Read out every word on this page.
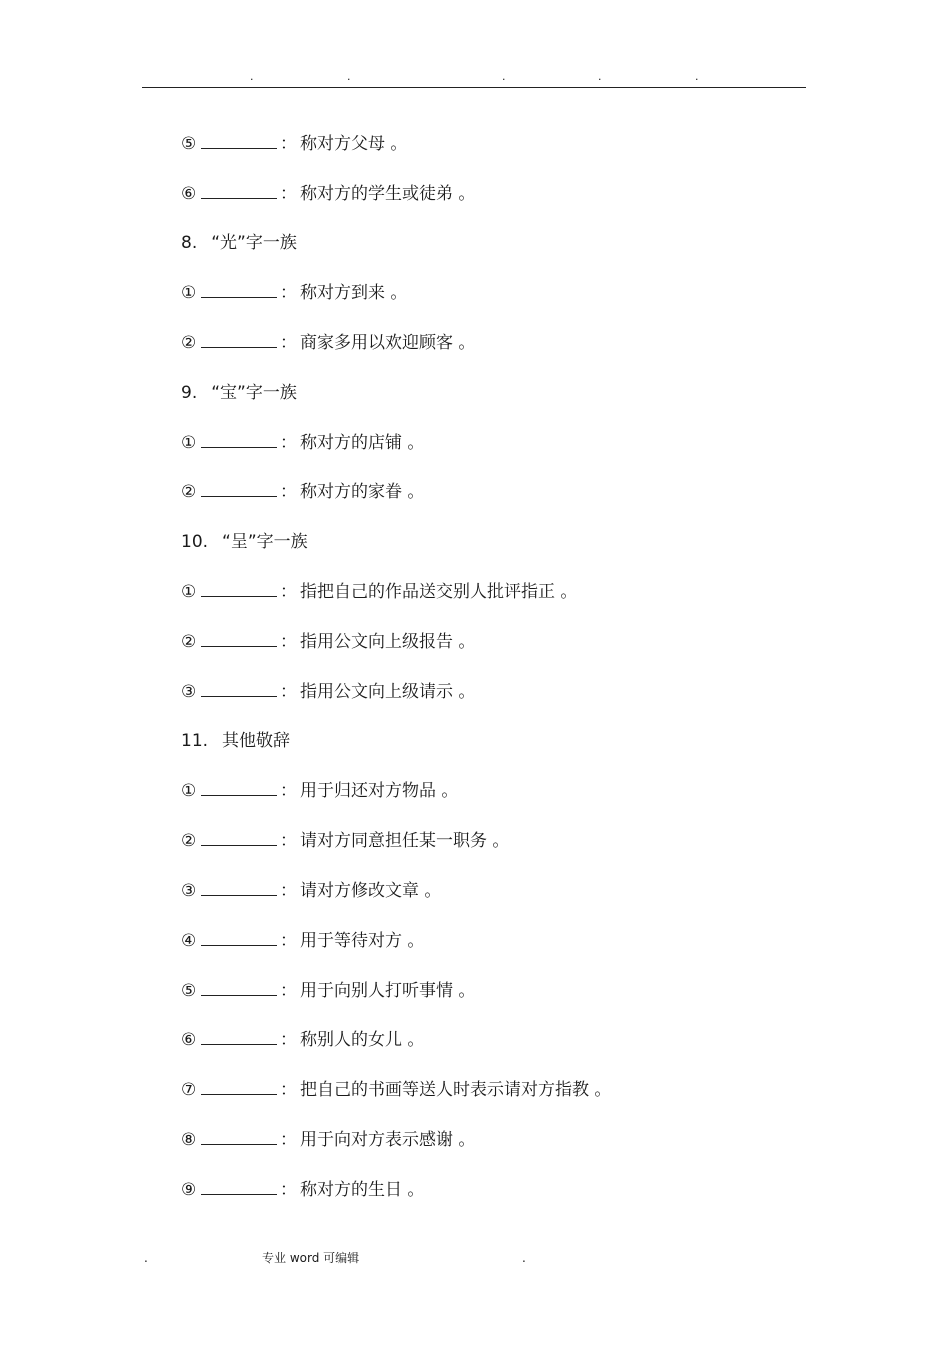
.	.	.	.	.
⑤	： 称对方父母 。
⑥	： 称对方的学生或徒弟 。
8. “光”字一族
①	： 称对方到来 。
②	： 商家多用以欢迎顾客 。
9. “宝”字一族
①	： 称对方的店铺 。
②	： 称对方的家眷 。
10. “呈”字一族
①	： 指把自己的作品送交别人批评指正 。
②	： 指用公文向上级报告 。
③	： 指用公文向上级请示 。
11. 其他敬辞
①	： 用于归还对方物品 。
②	： 请对方同意担任某一职务 。
③	： 请对方修改文章 。
④	： 用于等待对方 。
⑤	： 用于向别人打听事情 。
⑥	： 称别人的女儿 。
⑦	： 把自己的书画等送人时表示请对方指教 。
⑧	： 用于向对方表示感谢 。
⑨	： 称对方的生日 。
.	专业 word 可编辑	.
